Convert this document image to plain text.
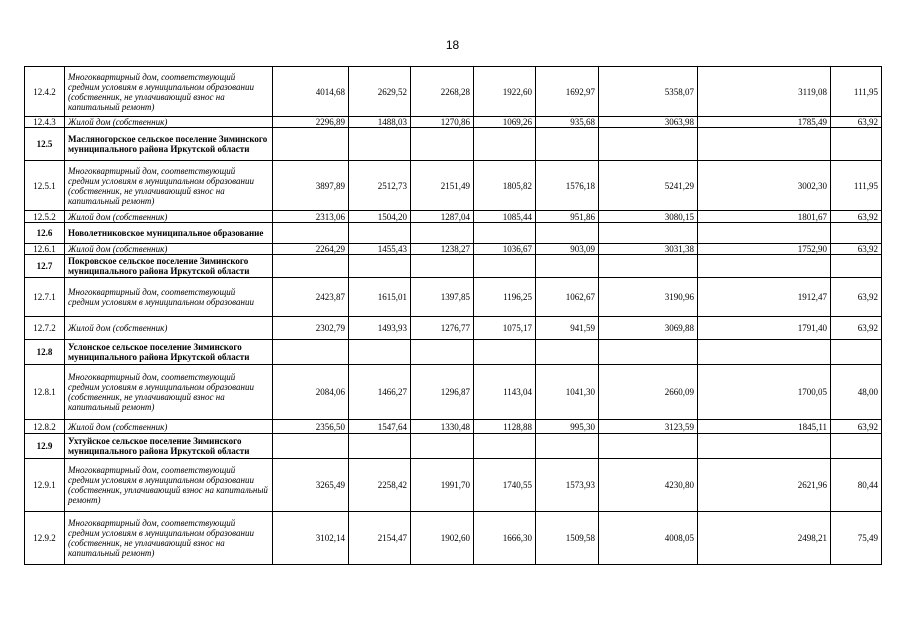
18
12.4.2	Многоквартирный дом, соответствующий средним условиям в муниципальном образовании (собственник, не уплачивающий взнос на капитальный ремонт)	4014,68	2629,52	2268,28	1922,60	1692,97	5358,07	3119,08	111,95
12.4.3	Жилой дом (собственник)	2296,89	1488,03	1270,86	1069,26	935,68	3063,98	1785,49	63,92
12.5	Масляногорское сельское поселение Зиминского муниципального района Иркутской области								
12.5.1	Многоквартирный дом, соответствующий средним условиям в муниципальном образовании (собственник, не уплачивающий взнос на капитальный ремонт)	3897,89	2512,73	2151,49	1805,82	1576,18	5241,29	3002,30	111,95
12.5.2	Жилой дом (собственник)	2313,06	1504,20	1287,04	1085,44	951,86	3080,15	1801,67	63,92
12.6	Новолетниковское муниципальное образование								
12.6.1	Жилой дом (собственник)	2264,29	1455,43	1238,27	1036,67	903,09	3031,38	1752,90	63,92
12.7	Покровское сельское поселение Зиминского муниципального района Иркутской области								
12.7.1	Многоквартирный дом, соответствующий средним условиям в муниципальном образовании	2423,87	1615,01	1397,85	1196,25	1062,67	3190,96	1912,47	63,92
12.7.2	Жилой дом (собственник)	2302,79	1493,93	1276,77	1075,17	941,59	3069,88	1791,40	63,92
12.8	Услонское сельское поселение Зиминского муниципального района Иркутской области								
12.8.1	Многоквартирный дом, соответствующий средним условиям в муниципальном образовании (собственник, не уплачивающий взнос на капитальный ремонт)	2084,06	1466,27	1296,87	1143,04	1041,30	2660,09	1700,05	48,00
12.8.2	Жилой дом (собственник)	2356,50	1547,64	1330,48	1128,88	995,30	3123,59	1845,11	63,92
12.9	Ухтуйское сельское поселение Зиминского муниципального района Иркутской области								
12.9.1	Многоквартирный дом, соответствующий средним условиям в муниципальном образовании (собственник, уплачивающий взнос на капитальный ремонт)	3265,49	2258,42	1991,70	1740,55	1573,93	4230,80	2621,96	80,44
12.9.2	Многоквартирный дом, соответствующий средним условиям в муниципальном образовании (собственник, не уплачивающий взнос на капитальный ремонт)	3102,14	2154,47	1902,60	1666,30	1509,58	4008,05	2498,21	75,49
